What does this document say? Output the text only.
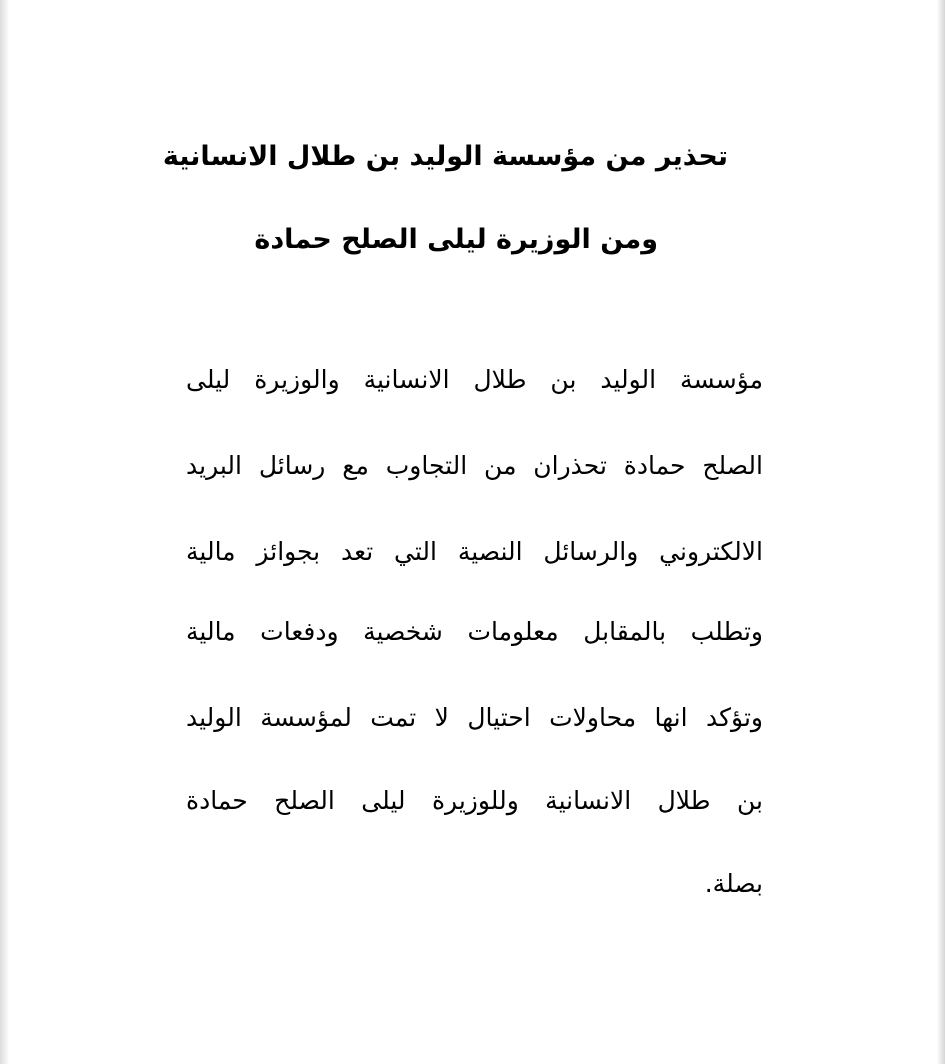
تحذير من مؤسسة الوليد بن طلال الانسانية
ومن الوزيرة ليلى الصلح حمادة
مؤسسة الوليد بن طلال الانسانية والوزيرة ليلى
الصلح حمادة تحذران من التجاوب مع رسائل البريد
الالكتروني والرسائل النصية التي تعد بجوائز مالية
وتطلب بالمقابل معلومات شخصية ودفعات مالية
وتؤكد انها محاولات احتيال لا تمت لمؤسسة الوليد
بن طلال الانسانية وللوزيرة ليلى الصلح حمادة
بصلة.
